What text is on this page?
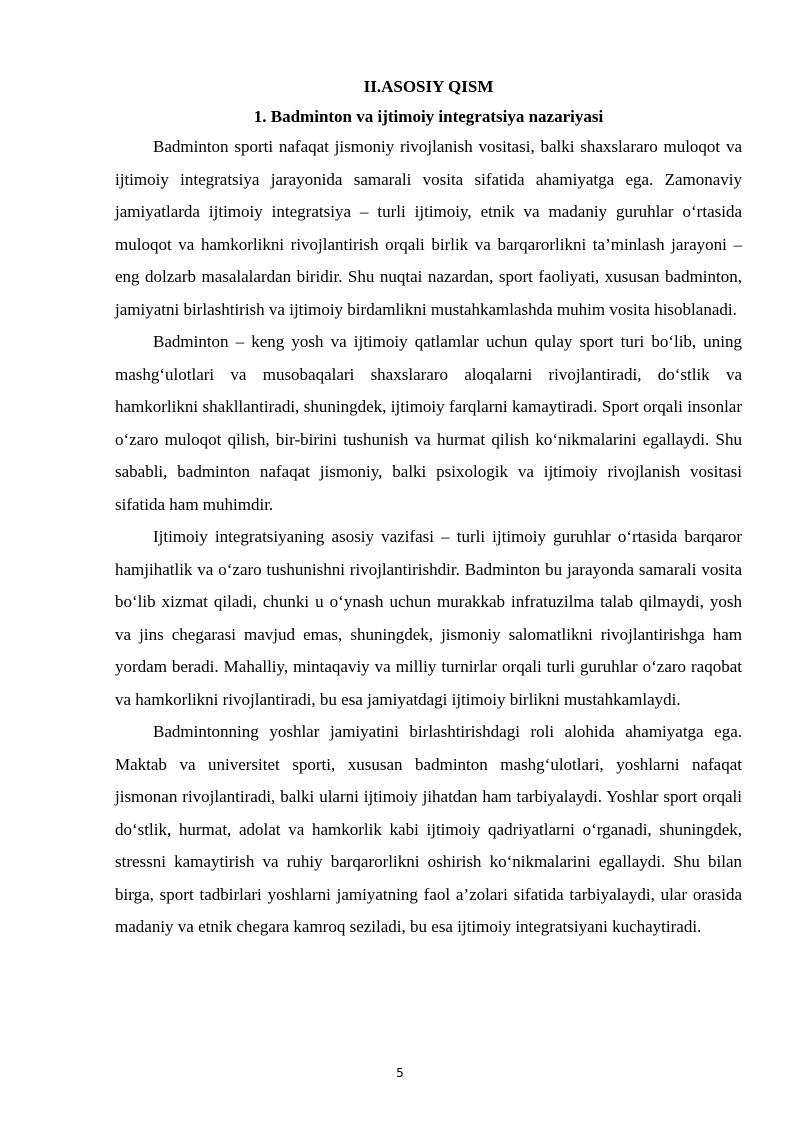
II.ASOSIY QISM
1. Badminton va ijtimoiy integratsiya nazariyasi

Badminton sporti nafaqat jismoniy rivojlanish vositasi, balki shaxslararo muloqot va ijtimoiy integratsiya jarayonida samarali vosita sifatida ahamiyatga ega. Zamonaviy jamiyatlarda ijtimoiy integratsiya – turli ijtimoiy, etnik va madaniy guruhlar o‘rtasida muloqot va hamkorlikni rivojlantirish orqali birlik va barqarorlikni ta’minlash jarayoni – eng dolzarb masalalardan biridir. Shu nuqtai nazardan, sport faoliyati, xususan badminton, jamiyatni birlashtirish va ijtimoiy birdamlikni mustahkamlashda muhim vosita hisoblanadi.

Badminton – keng yosh va ijtimoiy qatlamlar uchun qulay sport turi bo‘lib, uning mashg‘ulotlari va musobaqalari shaxslararo aloqalarni rivojlantiradi, do‘stlik va hamkorlikni shakllantiradi, shuningdek, ijtimoiy farqlarni kamaytiradi. Sport orqali insonlar o‘zaro muloqot qilish, bir-birini tushunish va hurmat qilish ko‘nikmalarini egallaydi. Shu sababli, badminton nafaqat jismoniy, balki psixologik va ijtimoiy rivojlanish vositasi sifatida ham muhimdir.

Ijtimoiy integratsiyaning asosiy vazifasi – turli ijtimoiy guruhlar o‘rtasida barqaror hamjihatlik va o‘zaro tushunishni rivojlantirishdir. Badminton bu jarayonda samarali vosita bo‘lib xizmat qiladi, chunki u o‘ynash uchun murakkab infratuzilma talab qilmaydi, yosh va jins chegarasi mavjud emas, shuningdek, jismoniy salomatlikni rivojlantirishga ham yordam beradi. Mahalliy, mintaqaviy va milliy turnirlar orqali turli guruhlar o‘zaro raqobat va hamkorlikni rivojlantiradi, bu esa jamiyatdagi ijtimoiy birlikni mustahkamlaydi.

Badmintonning yoshlar jamiyatini birlashtirishdagi roli alohida ahamiyatga ega. Maktab va universitet sporti, xususan badminton mashg‘ulotlari, yoshlarni nafaqat jismonan rivojlantiradi, balki ularni ijtimoiy jihatdan ham tarbiyalaydi. Yoshlar sport orqali do‘stlik, hurmat, adolat va hamkorlik kabi ijtimoiy qadriyatlarni o‘rganadi, shuningdek, stressni kamaytirish va ruhiy barqarorlikni oshirish ko‘nikmalarini egallaydi. Shu bilan birga, sport tadbirlari yoshlarni jamiyatning faol a’zolari sifatida tarbiyalaydi, ular orasida madaniy va etnik chegara kamroq seziladi, bu esa ijtimoiy integratsiyani kuchaytiradi.

5
